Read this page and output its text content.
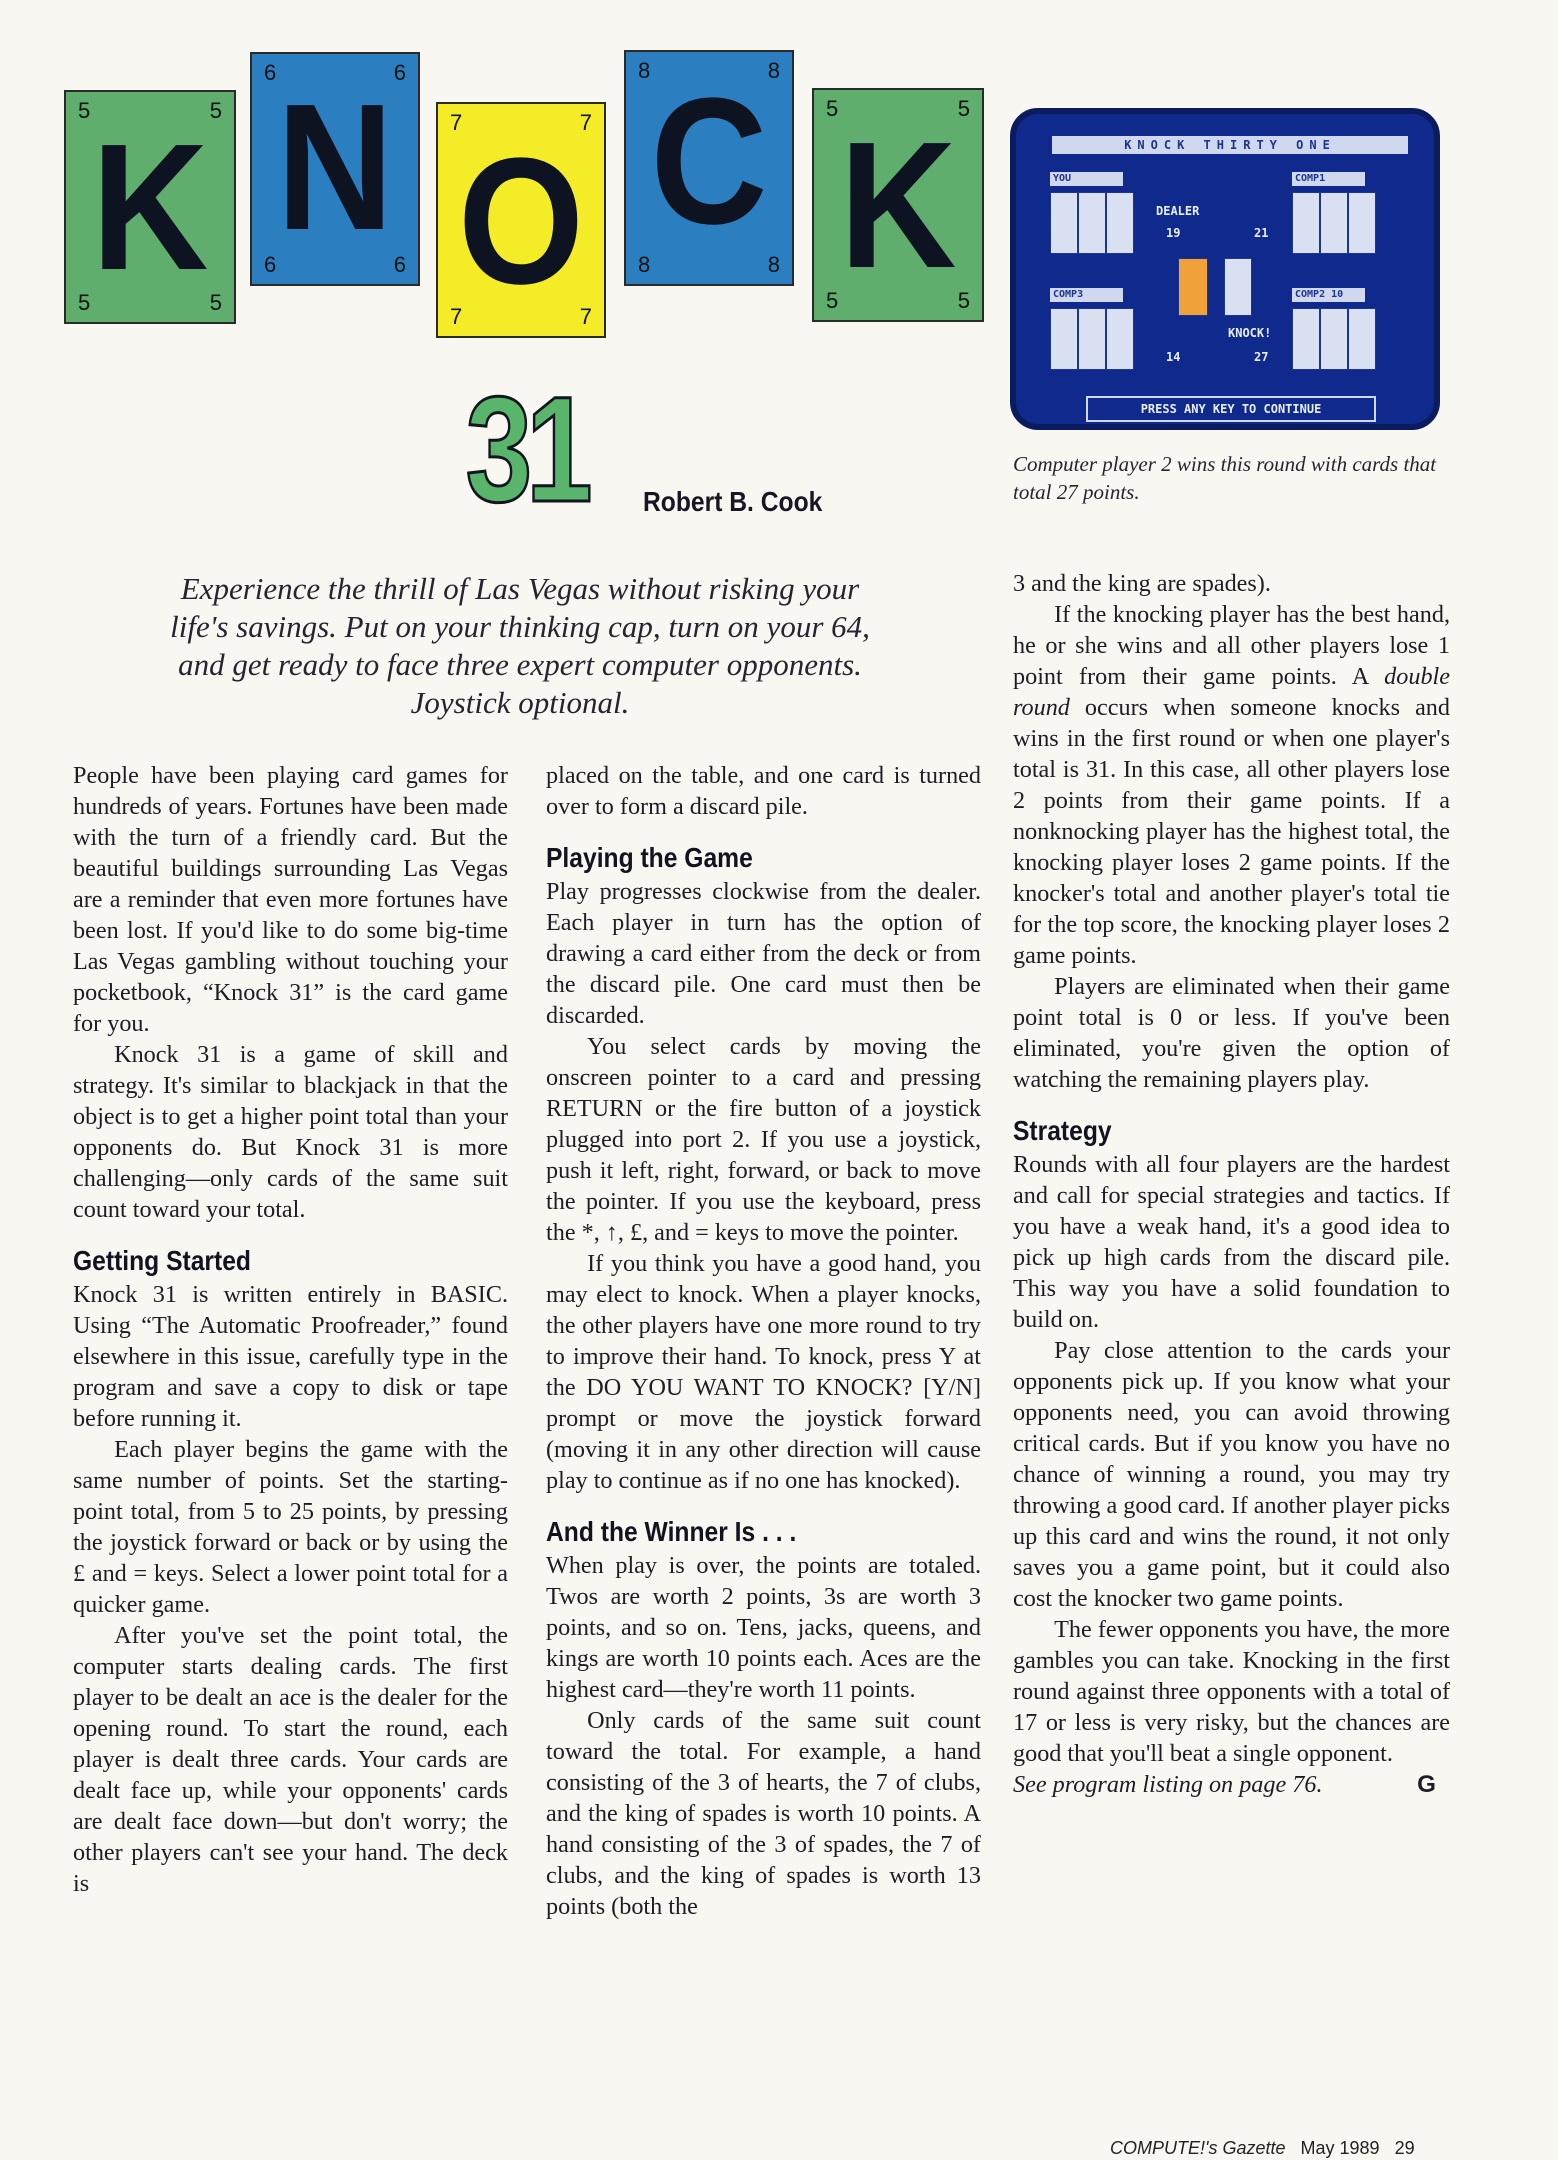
5	5
5	5
K
6	6
6	6
N	7	7
7	7
O
8	8
8	8
C	5	5
5	5
K
31 Robert B. Cook
KNOCK THIRTY ONE
YOU	COMP1
DEALER
19	21
COMP3	COMP2 10
KNOCK!
14	27
PRESS ANY KEY TO CONTINUE
Computer player 2 wins this round with cards that total 27 points.
Experience the thrill of Las Vegas without risking your life's savings. Put on your thinking cap, turn on your 64, and get ready to face three expert computer opponents. Joystick optional.

People have been playing card games for hundreds of years. Fortunes have been made with the turn of a friendly card. But the beautiful buildings surrounding Las Vegas are a reminder that even more fortunes have been lost. If you'd like to do some big-time Las Vegas gambling without touching your pocketbook, “Knock 31” is the card game for you.

Knock 31 is a game of skill and strategy. It's similar to blackjack in that the object is to get a higher point total than your opponents do. But Knock 31 is more challenging—only cards of the same suit count toward your total.

Getting Started

Knock 31 is written entirely in BASIC. Using “The Automatic Proofreader,” found elsewhere in this issue, carefully type in the program and save a copy to disk or tape before running it.

Each player begins the game with the same number of points. Set the starting-point total, from 5 to 25 points, by pressing the joystick forward or back or by using the £ and = keys. Select a lower point total for a quicker game.

After you've set the point total, the computer starts dealing cards. The first player to be dealt an ace is the dealer for the opening round. To start the round, each player is dealt three cards. Your cards are dealt face up, while your opponents' cards are dealt face down—but don't worry; the other players can't see your hand. The deck is

placed on the table, and one card is turned over to form a discard pile.

Playing the Game

Play progresses clockwise from the dealer. Each player in turn has the option of drawing a card either from the deck or from the discard pile. One card must then be discarded.

You select cards by moving the onscreen pointer to a card and pressing RETURN or the fire button of a joystick plugged into port 2. If you use a joystick, push it left, right, forward, or back to move the pointer. If you use the keyboard, press the *, ↑, £, and = keys to move the pointer.

If you think you have a good hand, you may elect to knock. When a player knocks, the other players have one more round to try to improve their hand. To knock, press Y at the DO YOU WANT TO KNOCK? [Y/N] prompt or move the joystick forward (moving it in any other direction will cause play to continue as if no one has knocked).

And the Winner Is . . .

When play is over, the points are totaled. Twos are worth 2 points, 3s are worth 3 points, and so on. Tens, jacks, queens, and kings are worth 10 points each. Aces are the highest card—they're worth 11 points.

Only cards of the same suit count toward the total. For example, a hand consisting of the 3 of hearts, the 7 of clubs, and the king of spades is worth 10 points. A hand consisting of the 3 of spades, the 7 of clubs, and the king of spades is worth 13 points (both the

3 and the king are spades).

If the knocking player has the best hand, he or she wins and all other players lose 1 point from their game points. A double round occurs when someone knocks and wins in the first round or when one player's total is 31. In this case, all other players lose 2 points from their game points. If a nonknocking player has the highest total, the knocking player loses 2 game points. If the knocker's total and another player's total tie for the top score, the knocking player loses 2 game points.

Players are eliminated when their game point total is 0 or less. If you've been eliminated, you're given the option of watching the remaining players play.

Strategy

Rounds with all four players are the hardest and call for special strategies and tactics. If you have a weak hand, it's a good idea to pick up high cards from the discard pile. This way you have a solid foundation to build on.

Pay close attention to the cards your opponents pick up. If you know what your opponents need, you can avoid throwing critical cards. But if you know you have no chance of winning a round, you may try throwing a good card. If another player picks up this card and wins the round, it not only saves you a game point, but it could also cost the knocker two game points.

The fewer opponents you have, the more gambles you can take. Knocking in the first round against three opponents with a total of 17 or less is very risky, but the chances are good that you'll beat a single opponent.

See program listing on page 76.	G

COMPUTE!'s Gazette May 1989 29
